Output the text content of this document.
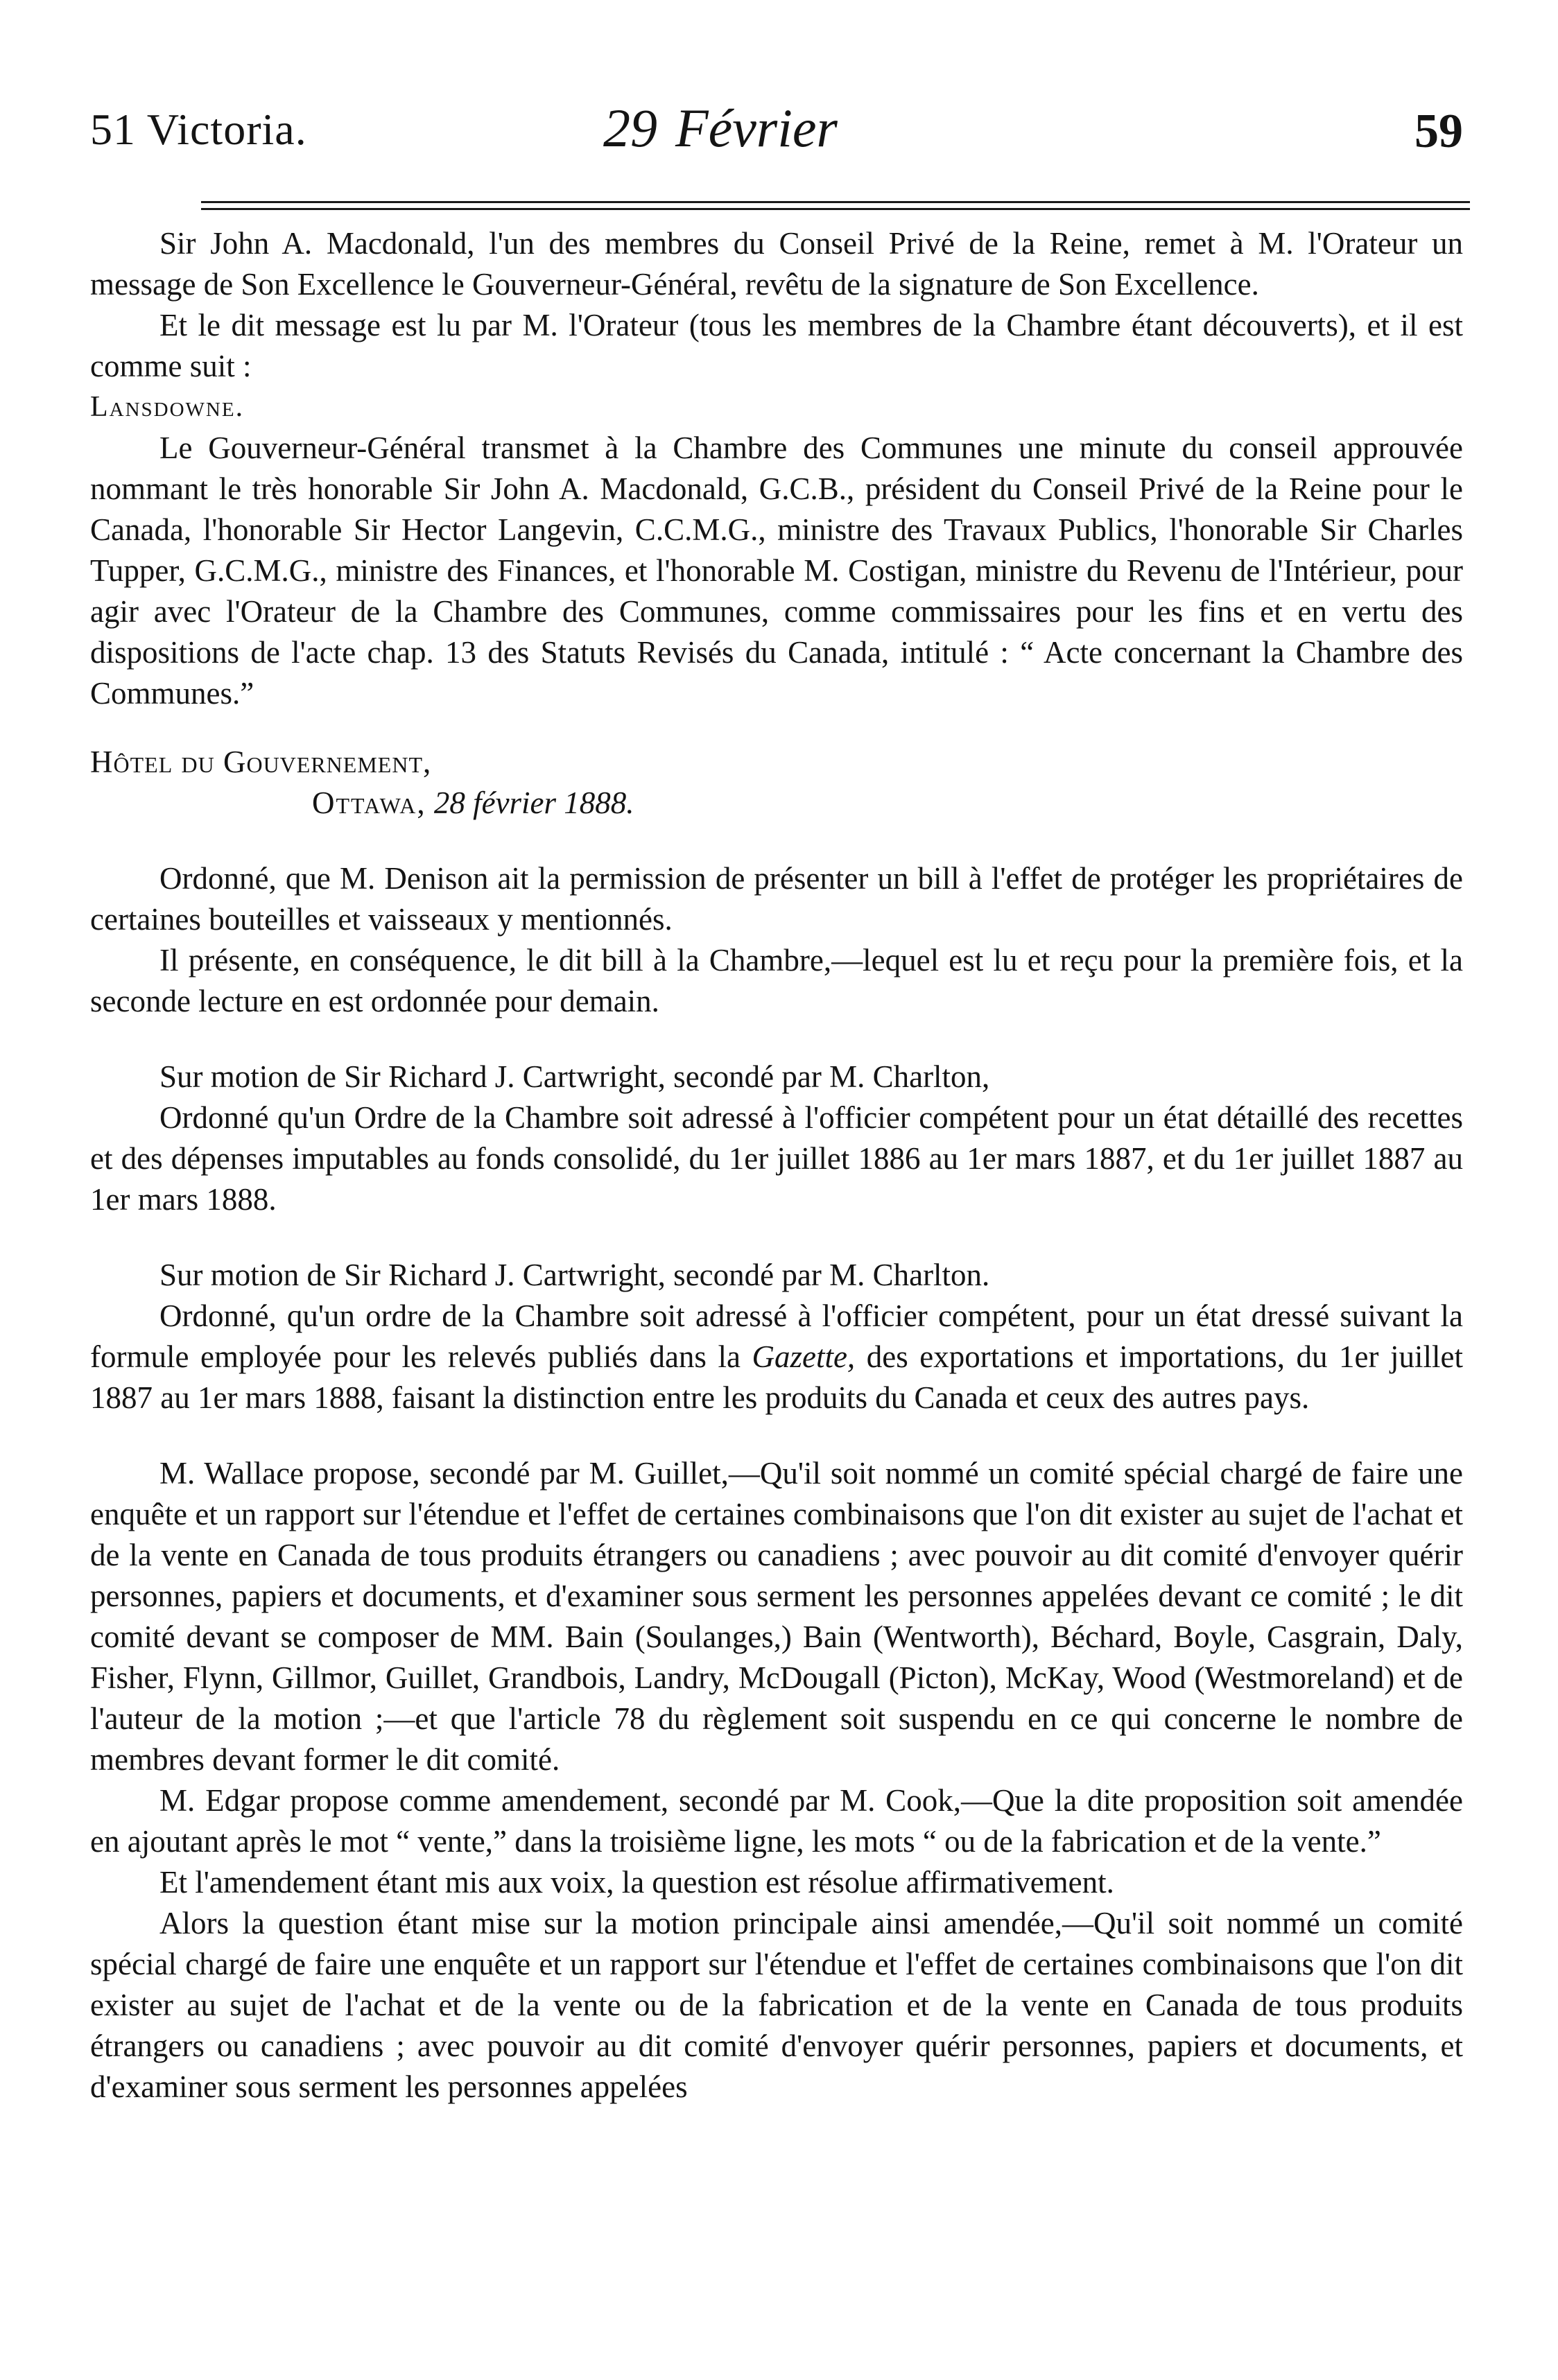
51 Victoria.	29 Février	59

Sir John A. Macdonald, l'un des membres du Conseil Privé de la Reine, remet à M. l'Orateur un message de Son Excellence le Gouverneur-Général, revêtu de la signature de Son Excellence.

Et le dit message est lu par M. l'Orateur (tous les membres de la Chambre étant découverts), et il est comme suit :

Lansdowne.

Le Gouverneur-Général transmet à la Chambre des Communes une minute du conseil approuvée nommant le très honorable Sir John A. Macdonald, G.C.B., président du Conseil Privé de la Reine pour le Canada, l'honorable Sir Hector Langevin, C.C.M.G., ministre des Travaux Publics, l'honorable Sir Charles Tupper, G.C.M.G., ministre des Finances, et l'honorable M. Costigan, ministre du Revenu de l'Intérieur, pour agir avec l'Orateur de la Chambre des Communes, comme commissaires pour les fins et en vertu des dispositions de l'acte chap. 13 des Statuts Revisés du Canada, intitulé : “ Acte concernant la Chambre des Communes.”

Hôtel du Gouvernement,
Ottawa, 28 février 1888.

Ordonné, que M. Denison ait la permission de présenter un bill à l'effet de protéger les propriétaires de certaines bouteilles et vaisseaux y mentionnés.

Il présente, en conséquence, le dit bill à la Chambre,—lequel est lu et reçu pour la première fois, et la seconde lecture en est ordonnée pour demain.

Sur motion de Sir Richard J. Cartwright, secondé par M. Charlton,

Ordonné qu'un Ordre de la Chambre soit adressé à l'officier compétent pour un état détaillé des recettes et des dépenses imputables au fonds consolidé, du 1er juillet 1886 au 1er mars 1887, et du 1er juillet 1887 au 1er mars 1888.

Sur motion de Sir Richard J. Cartwright, secondé par M. Charlton.

Ordonné, qu'un ordre de la Chambre soit adressé à l'officier compétent, pour un état dressé suivant la formule employée pour les relevés publiés dans la Gazette, des exportations et importations, du 1er juillet 1887 au 1er mars 1888, faisant la distinction entre les produits du Canada et ceux des autres pays.

M. Wallace propose, secondé par M. Guillet,—Qu'il soit nommé un comité spécial chargé de faire une enquête et un rapport sur l'étendue et l'effet de certaines combinaisons que l'on dit exister au sujet de l'achat et de la vente en Canada de tous produits étrangers ou canadiens ; avec pouvoir au dit comité d'envoyer quérir personnes, papiers et documents, et d'examiner sous serment les personnes appelées devant ce comité ; le dit comité devant se composer de MM. Bain (Soulanges,) Bain (Wentworth), Béchard, Boyle, Casgrain, Daly, Fisher, Flynn, Gillmor, Guillet, Grandbois, Landry, McDougall (Picton), McKay, Wood (Westmoreland) et de l'auteur de la motion ;—et que l'article 78 du règlement soit suspendu en ce qui concerne le nombre de membres devant former le dit comité.

M. Edgar propose comme amendement, secondé par M. Cook,—Que la dite proposition soit amendée en ajoutant après le mot “ vente,” dans la troisième ligne, les mots “ ou de la fabrication et de la vente.”

Et l'amendement étant mis aux voix, la question est résolue affirmativement.

Alors la question étant mise sur la motion principale ainsi amendée,—Qu'il soit nommé un comité spécial chargé de faire une enquête et un rapport sur l'étendue et l'effet de certaines combinaisons que l'on dit exister au sujet de l'achat et de la vente ou de la fabrication et de la vente en Canada de tous produits étrangers ou canadiens ; avec pouvoir au dit comité d'envoyer quérir personnes, papiers et documents, et d'examiner sous serment les personnes appelées
